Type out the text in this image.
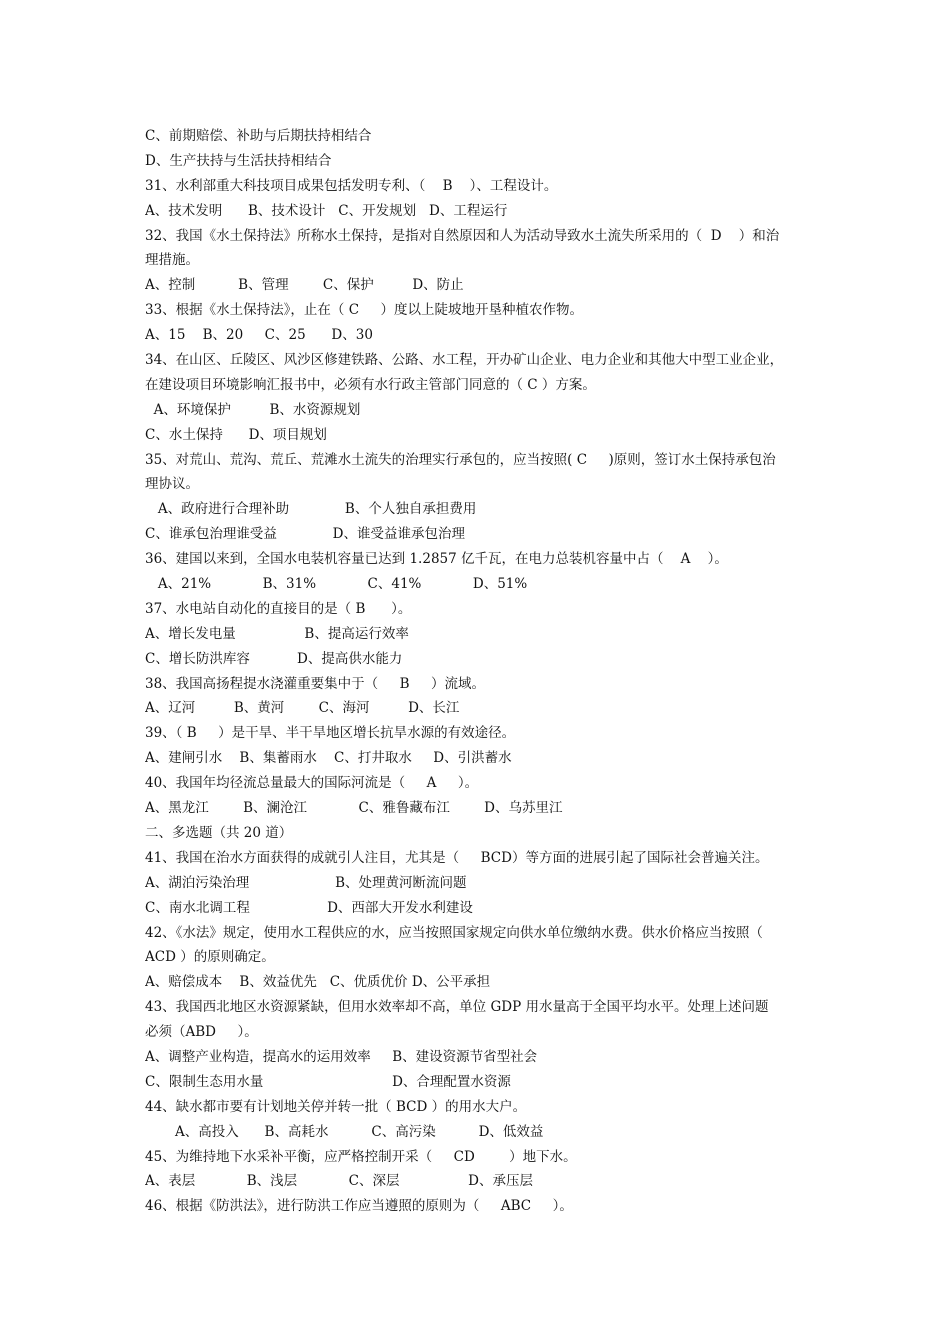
C、前期赔偿、补助与后期扶持相结合
D、生产扶持与生活扶持相结合
31、水利部重大科技项目成果包括发明专利、（    B    ）、工程设计。
A、技术发明      B、技术设计   C、开发规划   D、工程运行
32、我国《水土保持法》所称水土保持，是指对自然原因和人为活动导致水土流失所采用的（  D    ）和治
理措施。
A、控制          B、管理        C、保护         D、防止
33、根据《水土保持法》，止在（ C     ）度以上陡坡地开垦种植农作物。
A、15    B、20     C、25      D、30
34、在山区、丘陵区、风沙区修建铁路、公路、水工程，开办矿山企业、电力企业和其他大中型工业企业，
在建设项目环境影响汇报书中，必须有水行政主管部门同意的（ C ）方案。
A、环境保护         B、水资源规划
C、水土保持      D、项目规划
35、对荒山、荒沟、荒丘、荒滩水土流失的治理实行承包的，应当按照( C     )原则，签订水土保持承包治
理协议。
A、政府进行合理补助             B、个人独自承担费用
C、谁承包治理谁受益             D、谁受益谁承包治理
36、建国以来到，全国水电装机容量已达到 1.2857 亿千瓦，在电力总装机容量中占（    A    ）。
A、21%            B、31%            C、41%            D、51%
37、水电站自动化的直接目的是（ B      ）。
A、增长发电量                B、提高运行效率
C、增长防洪库容           D、提高供水能力
38、我国高扬程提水浇灌重要集中于（     B     ）流域。
A、辽河         B、黄河        C、海河         D、长江
39、（ B     ）是干旱、半干旱地区增长抗旱水源的有效途径。
A、建闸引水    B、集蓄雨水    C、打井取水     D、引洪蓄水
40、我国年均径流总量最大的国际河流是（     A     ）。
A、黑龙江        B、澜沧江            C、雅鲁藏布江        D、乌苏里江
二、多选题（共 20 道）
41、我国在治水方面获得的成就引人注目，尤其是（     BCD）等方面的进展引起了国际社会普遍关注。
A、湖泊污染治理                    B、处理黄河断流问题
C、南水北调工程                  D、西部大开发水利建设
42、《水法》规定，使用水工程供应的水，应当按照国家规定向供水单位缴纳水费。供水价格应当按照（
ACD ）的原则确定。
A、赔偿成本    B、效益优先   C、优质优价 D、公平承担
43、我国西北地区水资源紧缺，但用水效率却不高，单位 GDP 用水量高于全国平均水平。处理上述问题
必须（ABD     ）。
A、调整产业构造，提高水的运用效率     B、建设资源节省型社会
C、限制生态用水量                              D、合理配置水资源
44、缺水都市要有计划地关停并转一批（ BCD ）的用水大户。
A、高投入      B、高耗水          C、高污染          D、低效益
45、为维持地下水采补平衡，应严格控制开采（     CD        ）地下水。
A、表层            B、浅层            C、深层                D、承压层
46、根据《防洪法》，进行防洪工作应当遵照的原则为（     ABC     ）。
